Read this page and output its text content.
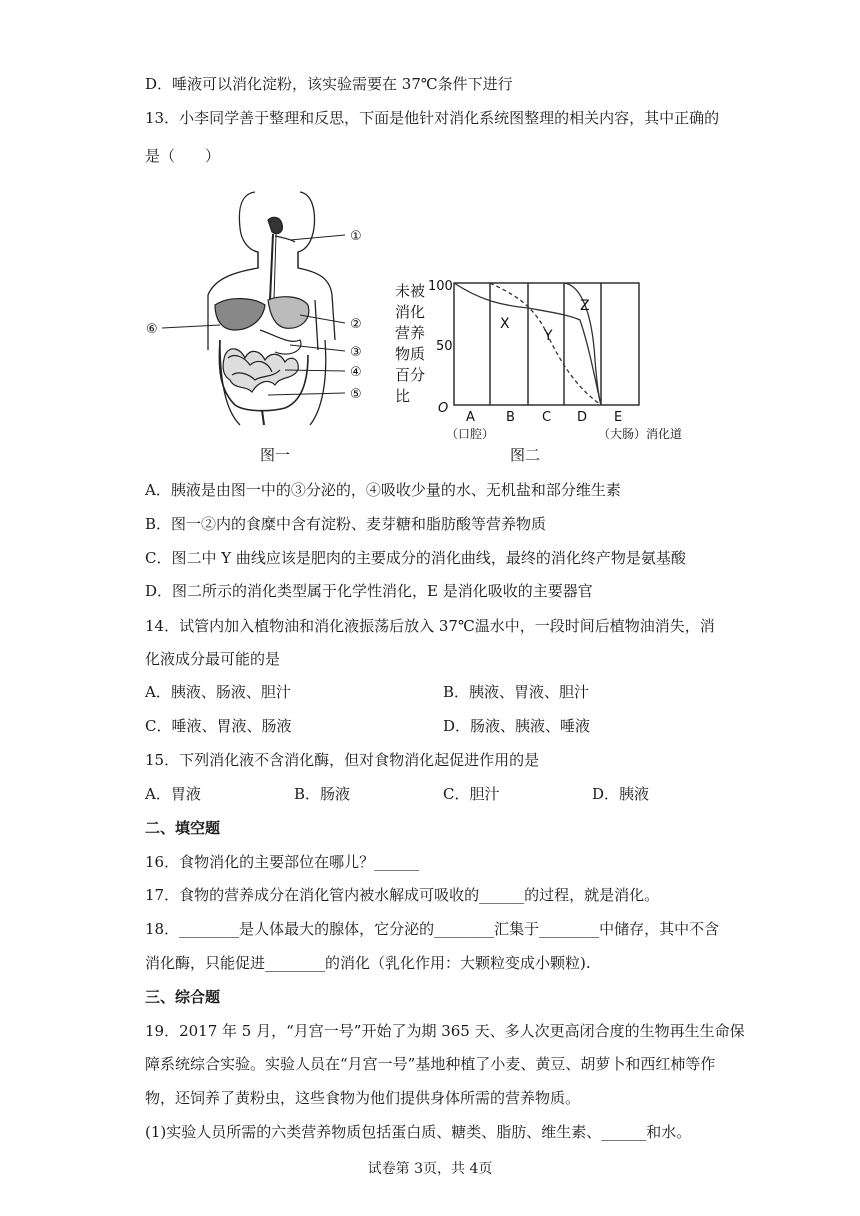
D．唾液可以消化淀粉，该实验需要在 37℃条件下进行
13．小李同学善于整理和反思，下面是他针对消化系统图整理的相关内容，其中正确的
是（　　）
①
②
③
④
⑤
⑥
图一
未被
消化
营养
物质
百分
比
100
50
O
X
Y
Z
A B C D E
（口腔）	（大肠）消化道
图二
A．胰液是由图一中的③分泌的，④吸收少量的水、无机盐和部分维生素
B．图一②内的食糜中含有淀粉、麦芽糖和脂肪酸等营养物质
C．图二中 Y 曲线应该是肥肉的主要成分的消化曲线，最终的消化终产物是氨基酸
D．图二所示的消化类型属于化学性消化，E 是消化吸收的主要器官
14．试管内加入植物油和消化液振荡后放入 37℃温水中，一段时间后植物油消失，消
化液成分最可能的是
A．胰液、肠液、胆汁	B．胰液、胃液、胆汁
C．唾液、胃液、肠液	D．肠液、胰液、唾液
15．下列消化液不含消化酶，但对食物消化起促进作用的是
A．胃液	B．肠液	C．胆汁	D．胰液
二、填空题
16．食物消化的主要部位在哪儿？______
17．食物的营养成分在消化管内被水解成可吸收的______的过程，就是消化。
18．________是人体最大的腺体，它分泌的________汇集于________中储存，其中不含
消化酶，只能促进________的消化（乳化作用：大颗粒变成小颗粒).
三、综合题
19．2017 年 5 月，“月宫一号”开始了为期 365 天、多人次更高闭合度的生物再生生命保
障系统综合实验。实验人员在“月宫一号”基地种植了小麦、黄豆、胡萝卜和西红柿等作
物，还饲养了黄粉虫，这些食物为他们提供身体所需的营养物质。
(1)实验人员所需的六类营养物质包括蛋白质、糖类、脂肪、维生素、______和水。
试卷第 3页，共 4页
